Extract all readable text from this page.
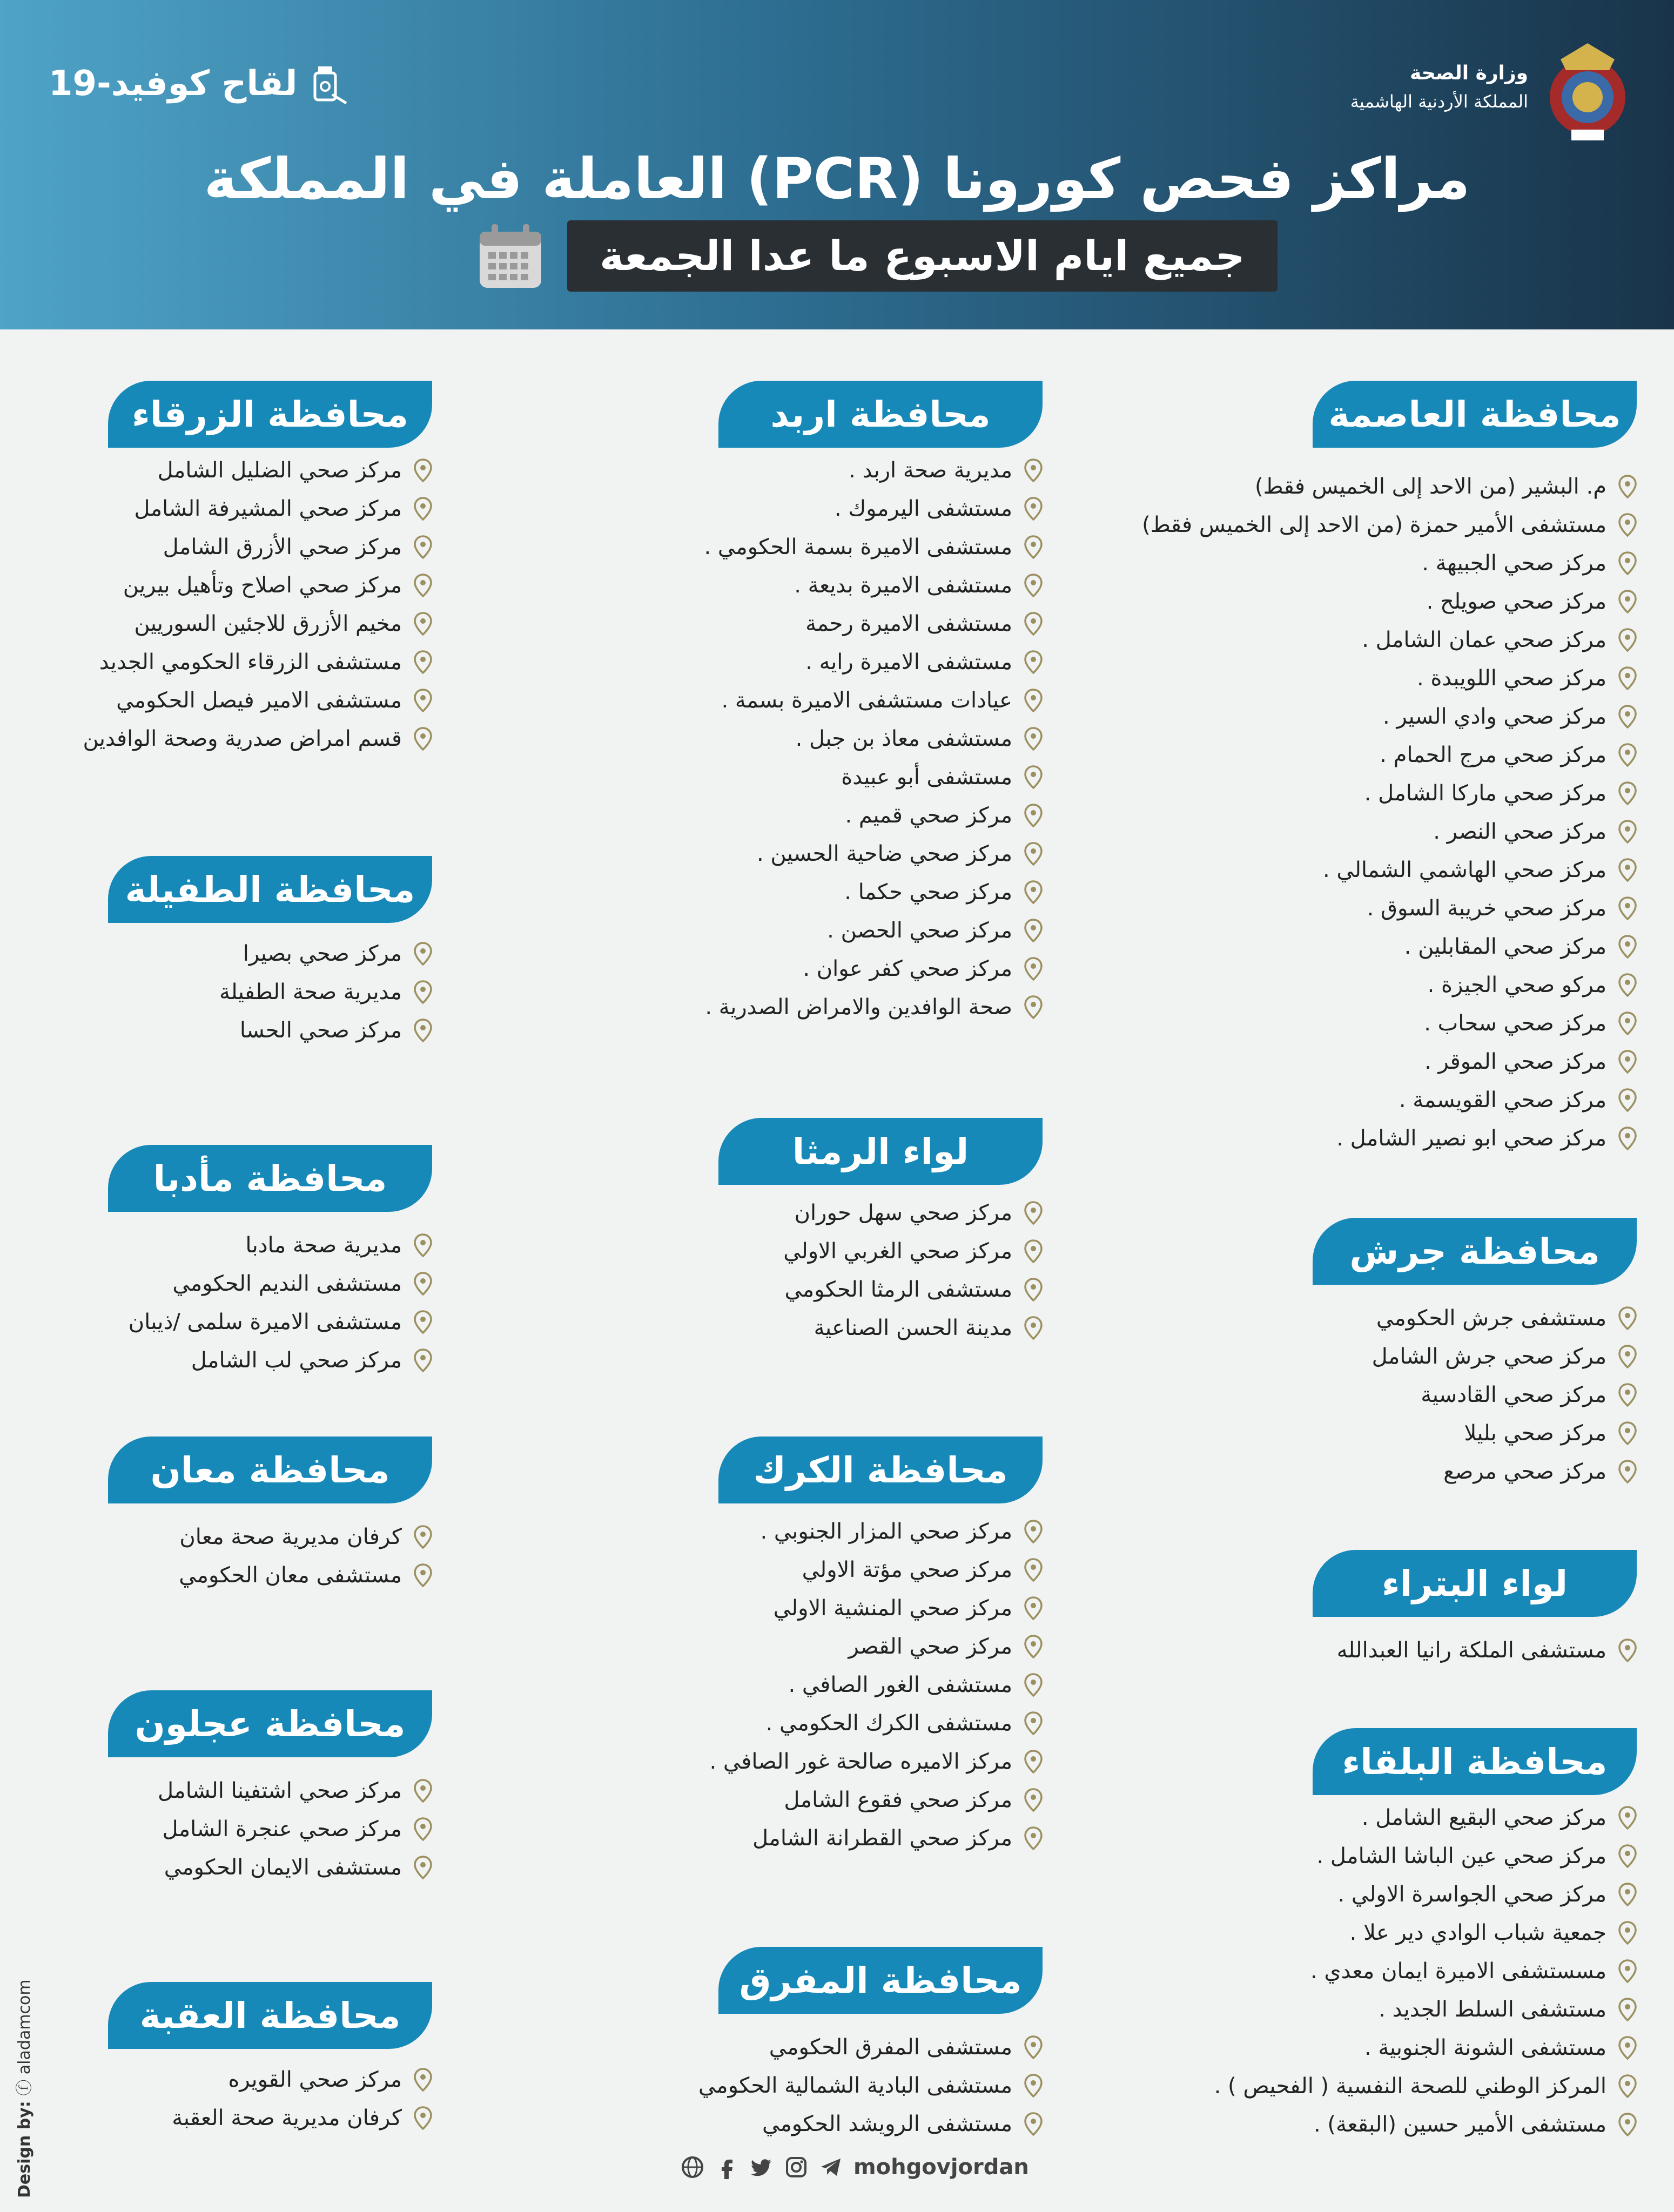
وزارة الصحة
المملكة الأردنية الهاشمية
لقاح كوفيد-19
مراكز فحص كورونا (PCR) العاملة في المملكة
جميع ايام الاسبوع ما عدا الجمعة
محافظة العاصمة
م. البشير (من الاحد إلى الخميس فقط)
مستشفى الأمير حمزة (من الاحد إلى الخميس فقط)
مركز صحي الجبيهة .
مركز صحي صويلح .
مركز صحي عمان الشامل .
مركز صحي اللويبدة .
مركز صحي وادي السير .
مركز صحي مرج الحمام .
مركز صحي ماركا الشامل .
مركز صحي النصر .
مركز صحي الهاشمي الشمالي .
مركز صحي خريبة السوق .
مركز صحي المقابلين .
مركو صحي الجيزة .
مركز صحي سحاب .
مركز صحي الموقر .
مركز صحي القويسمة .
مركز صحي ابو نصير الشامل .
محافظة جرش
مستشفى جرش الحكومي
مركز صحي جرش الشامل
مركز صحي القادسية
مركز صحي بليلا
مركز صحي مرصع
لواء البتراء
مستشفى الملكة رانيا العبدالله
محافظة البلقاء
مركز صحي البقيع الشامل .
مركز صحي عين الباشا الشامل .
مركز صحي الجواسرة الاولي .
جمعية شباب الوادي دير علا .
مسستشفى الاميرة ايمان معدي .
مستشفى السلط الجديد .
مستشفى الشونة الجنوبية .
المركز الوطني للصحة النفسية ( الفحيص ) .
مستشفى الأمير حسين (البقعة) .
محافظة اربد
مديرية صحة اربد .
مستشفى اليرموك .
مستشفى الاميرة بسمة الحكومي .
مستشفى الاميرة بديعة .
مستشفى الاميرة رحمة
مستشفى الاميرة رايه .
عيادات مستشفى الاميرة بسمة .
مستشفى معاذ بن جبل .
مستشفى أبو عبيدة
مركز صحي قميم .
مركز صحي ضاحية الحسين .
مركز صحي حكما .
مركز صحي الحصن .
مركز صحي كفر عوان .
صحة الوافدين والامراض الصدرية .
لواء الرمثا
مركز صحي سهل حوران
مركز صحي الغربي الاولي
مستشفى الرمثا الحكومي
مدينة الحسن الصناعية
محافظة الكرك
مركز صحي المزار الجنوبي .
مركز صحي مؤتة الاولي
مركز صحي المنشية الاولي
مركز صحي القصر
مستشفى الغور الصافي .
مستشفى الكرك الحكومي .
مركز الاميره صالحة غور الصافي .
مركز صحي فقوع الشامل
مركز صحي القطرانة الشامل
محافظة المفرق
مستشفى المفرق الحكومي
مستشفى البادية الشمالية الحكومي
مستشفى الرويشد الحكومي
محافظة الزرقاء
مركز صحي الضليل الشامل
مركز صحي المشيرفة الشامل
مركز صحي الأزرق الشامل
مركز صحي اصلاح وتأهيل بيرين
مخيم الأزرق للاجئين السوريين
مستشفى الزرقاء الحكومي الجديد
مستشفى الامير فيصل الحكومي
قسم امراض صدرية وصحة الوافدين
محافظة الطفيلة
مركز صحي بصيرا
مديرية صحة الطفيلة
مركز صحي الحسا
محافظة مأدبا
مديرية صحة مادبا
مستشفى النديم الحكومي
مستشفى الاميرة سلمى /ذيبان
مركز صحي لب الشامل
محافظة معان
كرفان مديرية صحة معان
مستشفى معان الحكومي
محافظة عجلون
مركز صحي اشتفينا الشامل
مركز صحي عنجرة الشامل
مستشفى الايمان الحكومي
محافظة العقبة
مركز صحي القويره
كرفان مديرية صحة العقبة
mohgovjordan
Design by: ⓕ aladamcom
